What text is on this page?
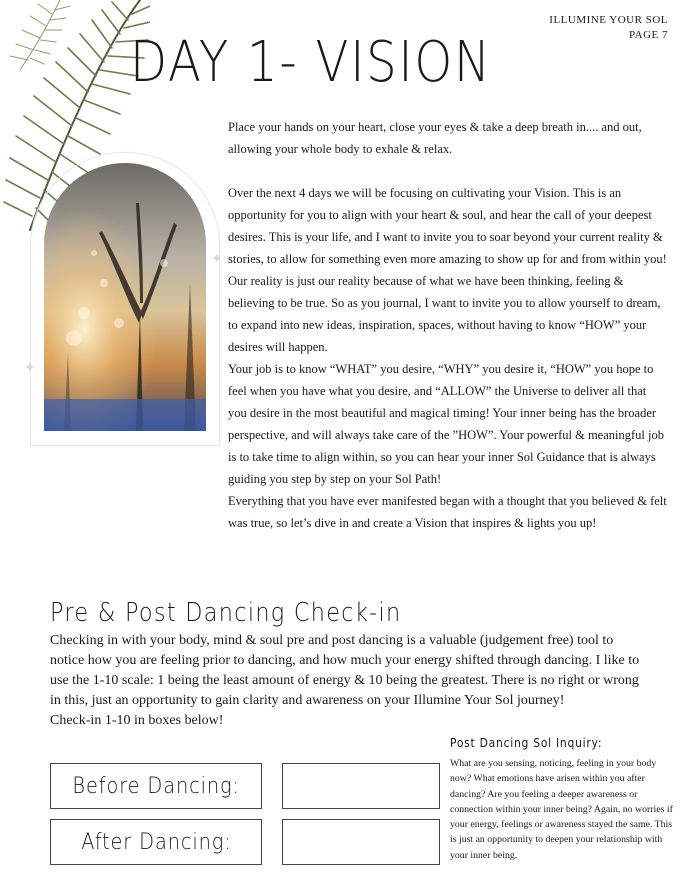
ILLUMINE YOUR SOL
PAGE 7
DAY 1- VISION
✦
✦

Place your hands on your heart, close your eyes & take a deep breath in.... and out, allowing your whole body to exhale & relax.

Over the next 4 days we will be focusing on cultivating your Vision. This is an opportunity for you to align with your heart & soul, and hear the call of your deepest desires. This is your life, and I want to invite you to soar beyond your current reality & stories, to allow for something even more amazing to show up for and from within you!

Our reality is just our reality because of what we have been thinking, feeling & believing to be true. So as you journal, I want to invite you to allow yourself to dream, to expand into new ideas, inspiration, spaces, without having to know “HOW” your desires will happen.

Your job is to know “WHAT” you desire, “WHY” you desire it, “HOW” you hope to feel when you have what you desire, and “ALLOW” the Universe to deliver all that you desire in the most beautiful and magical timing! Your inner being has the broader perspective, and will always take care of the ”HOW”. Your powerful & meaningful job is to take time to align within, so you can hear your inner Sol Guidance that is always guiding you step by step on your Sol Path!

Everything that you have ever manifested began with a thought that you believed & felt was true, so let’s dive in and create a Vision that inspires & lights you up!

Pre & Post Dancing Check-in

Checking in with your body, mind & soul pre and post dancing is a valuable (judgement free) tool to notice how you are feeling prior to dancing, and how much your energy shifted through dancing. I like to use the 1-10 scale: 1 being the least amount of energy & 10 being the greatest. There is no right or wrong in this, just an opportunity to gain clarity and awareness on your Illumine Your Sol journey!

Check-in 1-10 in boxes below!

Before Dancing:
After Dancing:
Post Dancing Sol Inquiry:
What are you sensing, noticing, feeling in your body now? What emotions have arisen within you after dancing? Are you feeling a deeper awareness or connection within your inner being? Again, no worries if your energy, feelings or awareness stayed the same. This is just an opportunity to deepen your relationship with your inner being.
